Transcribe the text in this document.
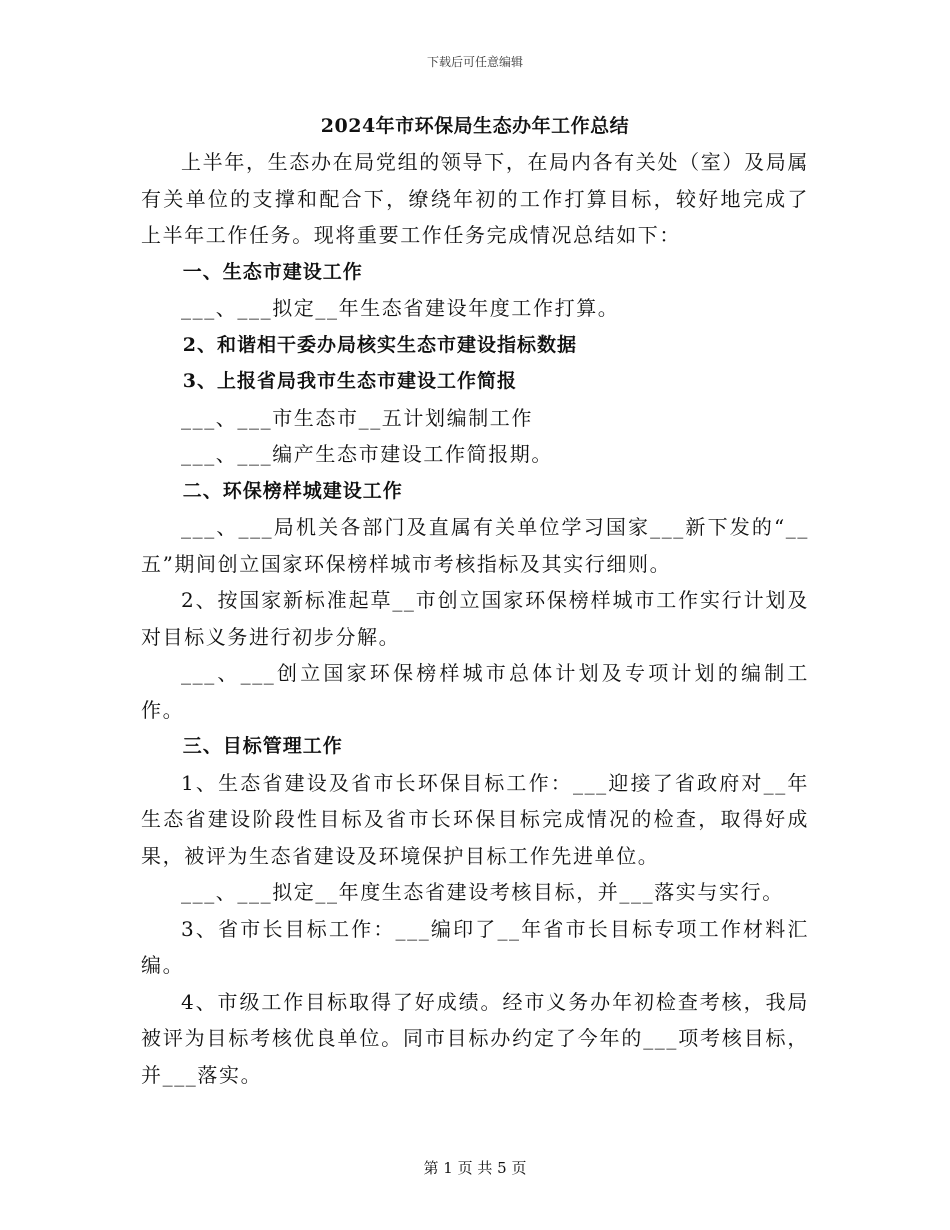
下载后可任意编辑
2024年市环保局生态办年工作总结

上半年，生态办在局党组的领导下，在局内各有关处（室）及局属有关单位的支撑和配合下，缭绕年初的工作打算目标，较好地完成了上半年工作任务。现将重要工作任务完成情况总结如下：

一、生态市建设工作

___、___拟定__年生态省建设年度工作打算。

2、和谐相干委办局核实生态市建设指标数据

3、上报省局我市生态市建设工作简报

___、___市生态市__五计划编制工作

___、___编产生态市建设工作简报期。

二、环保榜样城建设工作

___、___局机关各部门及直属有关单位学习国家___新下发的“__五”期间创立国家环保榜样城市考核指标及其实行细则。

2、按国家新标准起草__市创立国家环保榜样城市工作实行计划及对目标义务进行初步分解。

___、___创立国家环保榜样城市总体计划及专项计划的编制工作。

三、目标管理工作

1、生态省建设及省市长环保目标工作：___迎接了省政府对__年生态省建设阶段性目标及省市长环保目标完成情况的检查，取得好成果，被评为生态省建设及环境保护目标工作先进单位。

___、___拟定__年度生态省建设考核目标，并___落实与实行。

3、省市长目标工作：___编印了__年省市长目标专项工作材料汇编。

4、市级工作目标取得了好成绩。经市义务办年初检查考核，我局被评为目标考核优良单位。同市目标办约定了今年的___项考核目标，并___落实。

第 1 页 共 5 页
